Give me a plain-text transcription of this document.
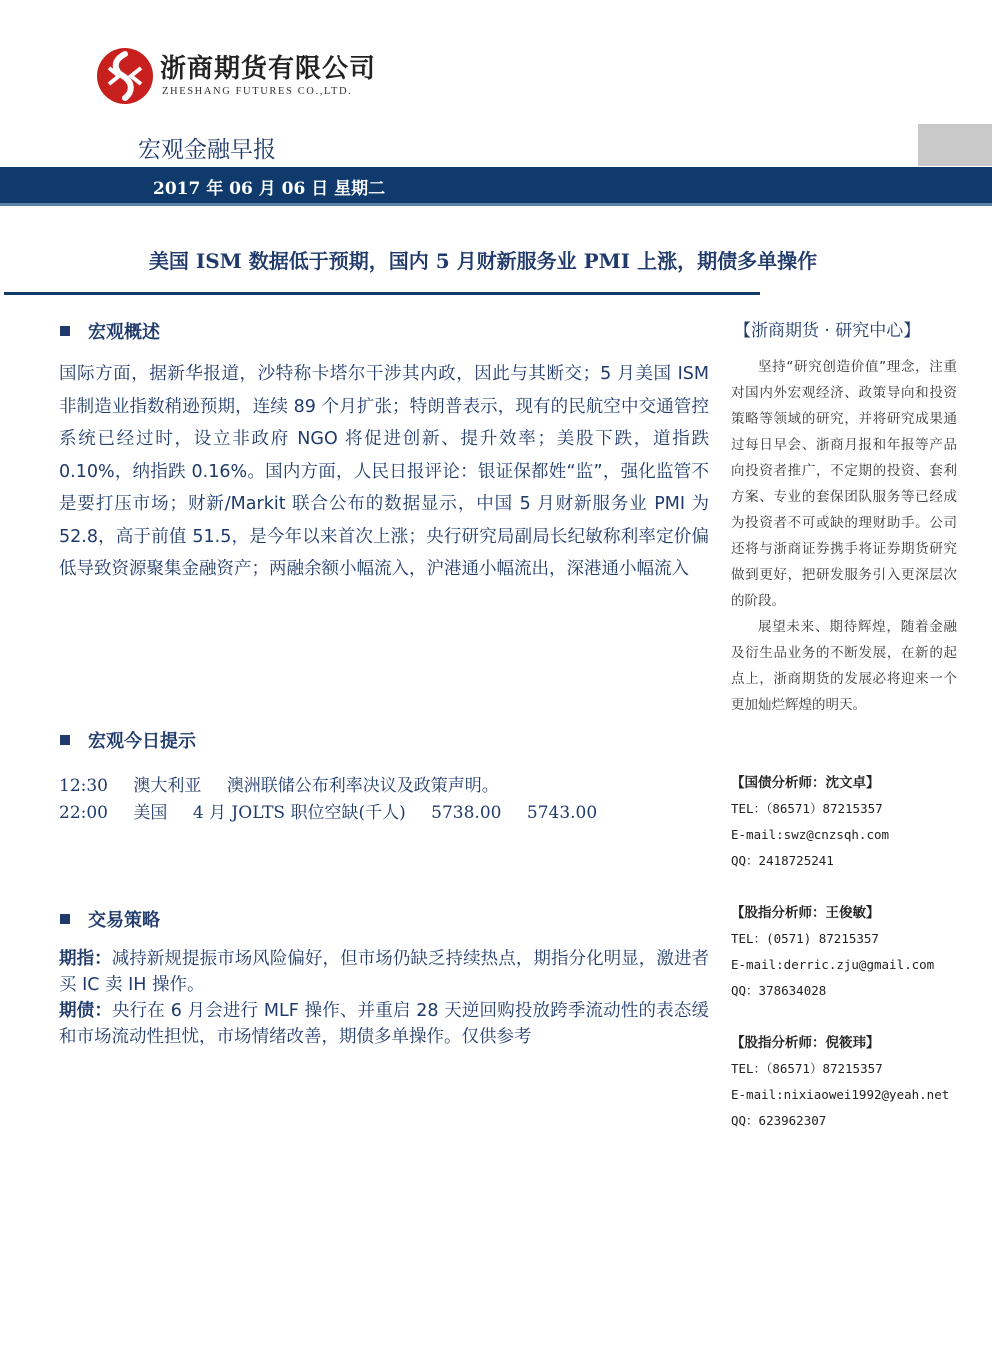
浙商期货有限公司
ZHESHANG FUTURES CO.,LTD.
宏观金融早报
2017 年 06 月 06 日 星期二
美国 ISM 数据低于预期，国内 5 月财新服务业 PMI 上涨，期债多单操作
宏观概述
国际方面，据新华报道，沙特称卡塔尔干涉其内政，因此与其断交；5 月美国 ISM 非制造业指数稍逊预期，连续 89 个月扩张；特朗普表示，现有的民航空中交通管控系统已经过时，设立非政府 NGO 将促进创新、提升效率；美股下跌，道指跌 0.10%，纳指跌 0.16%。国内方面，人民日报评论：银证保都姓“监”，强化监管不是要打压市场；财新/Markit 联合公布的数据显示，中国 5 月财新服务业 PMI 为 52.8，高于前值 51.5，是今年以来首次上涨；央行研究局副局长纪敏称利率定价偏低导致资源聚集金融资产；两融余额小幅流入，沪港通小幅流出，深港通小幅流入
宏观今日提示
12:30 澳大利亚 澳洲联储公布利率决议及政策声明。
22:00 美国 4 月 JOLTS 职位空缺(千人) 5738.00 5743.00
交易策略
期指：减持新规提振市场风险偏好，但市场仍缺乏持续热点，期指分化明显，激进者买 IC 卖 IH 操作。
期债：央行在 6 月会进行 MLF 操作、并重启 28 天逆回购投放跨季流动性的表态缓和市场流动性担忧，市场情绪改善，期债多单操作。仅供参考
【浙商期货 · 研究中心】

坚持“研究创造价值”理念，注重对国内外宏观经济、政策导向和投资策略等领域的研究，并将研究成果通过每日早会、浙商月报和年报等产品向投资者推广，不定期的投资、套利方案、专业的套保团队服务等已经成为投资者不可或缺的理财助手。公司还将与浙商证券携手将证券期货研究做到更好，把研发服务引入更深层次的阶段。

展望未来、期待辉煌，随着金融及衍生品业务的不断发展，在新的起点上，浙商期货的发展必将迎来一个更加灿烂辉煌的明天。

【国债分析师：沈文卓】
TEL：（86571）87215357
E-mail:swz@cnzsqh.com
QQ：2418725241
【股指分析师：王俊敏】
TEL：(0571) 87215357
E-mail:derric.zju@gmail.com
QQ：378634028
【股指分析师：倪筱玮】
TEL：（86571）87215357
E-mail:nixiaowei1992@yeah.net
QQ：623962307
